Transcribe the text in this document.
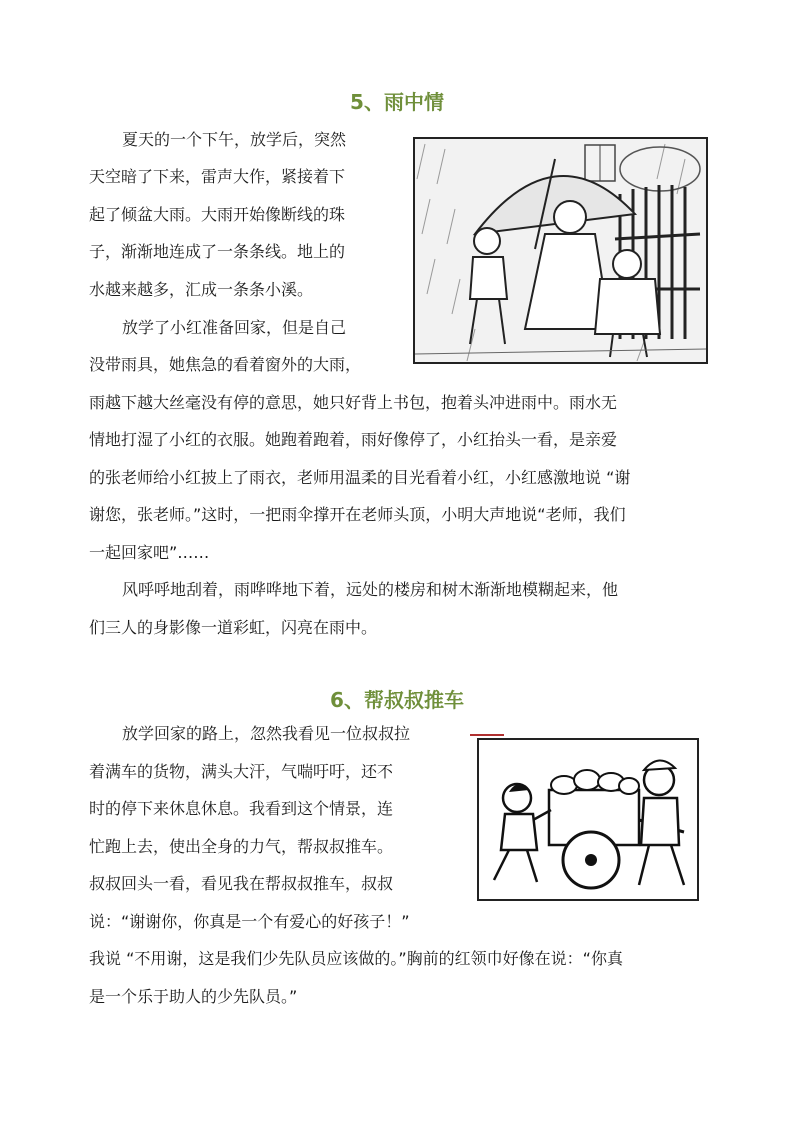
5、雨中情

夏天的一个下午，放学后，突然

天空暗了下来，雷声大作，紧接着下

起了倾盆大雨。大雨开始像断线的珠

子，渐渐地连成了一条条线。地上的

水越来越多，汇成一条条小溪。

放学了小红准备回家，但是自己

没带雨具，她焦急的看着窗外的大雨，

雨越下越大丝毫没有停的意思，她只好背上书包，抱着头冲进雨中。雨水无

情地打湿了小红的衣服。她跑着跑着，雨好像停了，小红抬头一看，是亲爱

的张老师给小红披上了雨衣，老师用温柔的目光看着小红，小红感激地说 “谢

谢您，张老师。”这时，一把雨伞撑开在老师头顶，小明大声地说“老师，我们

一起回家吧”……

风呼呼地刮着，雨哗哗地下着，远处的楼房和树木渐渐地模糊起来，他

们三人的身影像一道彩虹，闪亮在雨中。

6、帮叔叔推车

放学回家的路上，忽然我看见一位叔叔拉

着满车的货物，满头大汗，气喘吁吁，还不

时的停下来休息休息。我看到这个情景，连

忙跑上去，使出全身的力气，帮叔叔推车。

叔叔回头一看，看见我在帮叔叔推车，叔叔

说：“谢谢你，你真是一个有爱心的好孩子！”

我说 “不用谢，这是我们少先队员应该做的。”胸前的红领巾好像在说：“你真

是一个乐于助人的少先队员。”
